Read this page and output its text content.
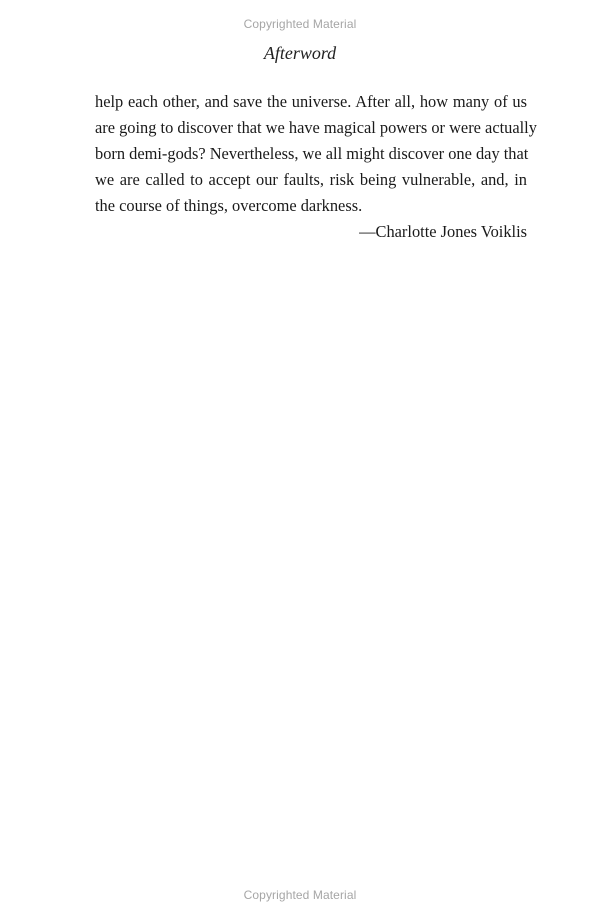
Copyrighted Material
Afterword
help each other, and save the universe. After all, how many of us
are going to discover that we have magical powers or were actually
born demi-gods? Nevertheless, we all might discover one day that
we are called to accept our faults, risk being vulnerable, and, in
the course of things, overcome darkness.
—Charlotte Jones Voiklis
Copyrighted Material
